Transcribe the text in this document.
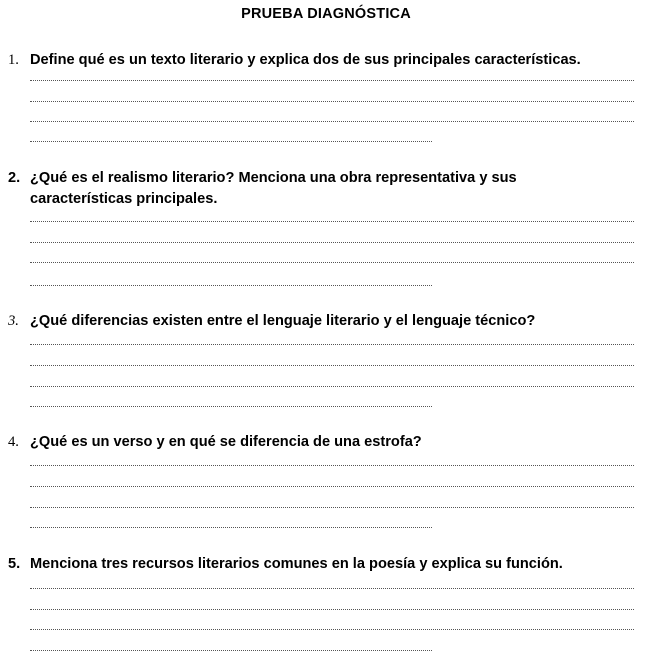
PRUEBA DIAGNÓSTICA
1. Define qué es un texto literario y explica dos de sus principales características.
2. ¿Qué es el realismo literario? Menciona una obra representativa y sus
características principales.
3. ¿Qué diferencias existen entre el lenguaje literario y el lenguaje técnico?
4. ¿Qué es un verso y en qué se diferencia de una estrofa?
5. Menciona tres recursos literarios comunes en la poesía y explica su función.
